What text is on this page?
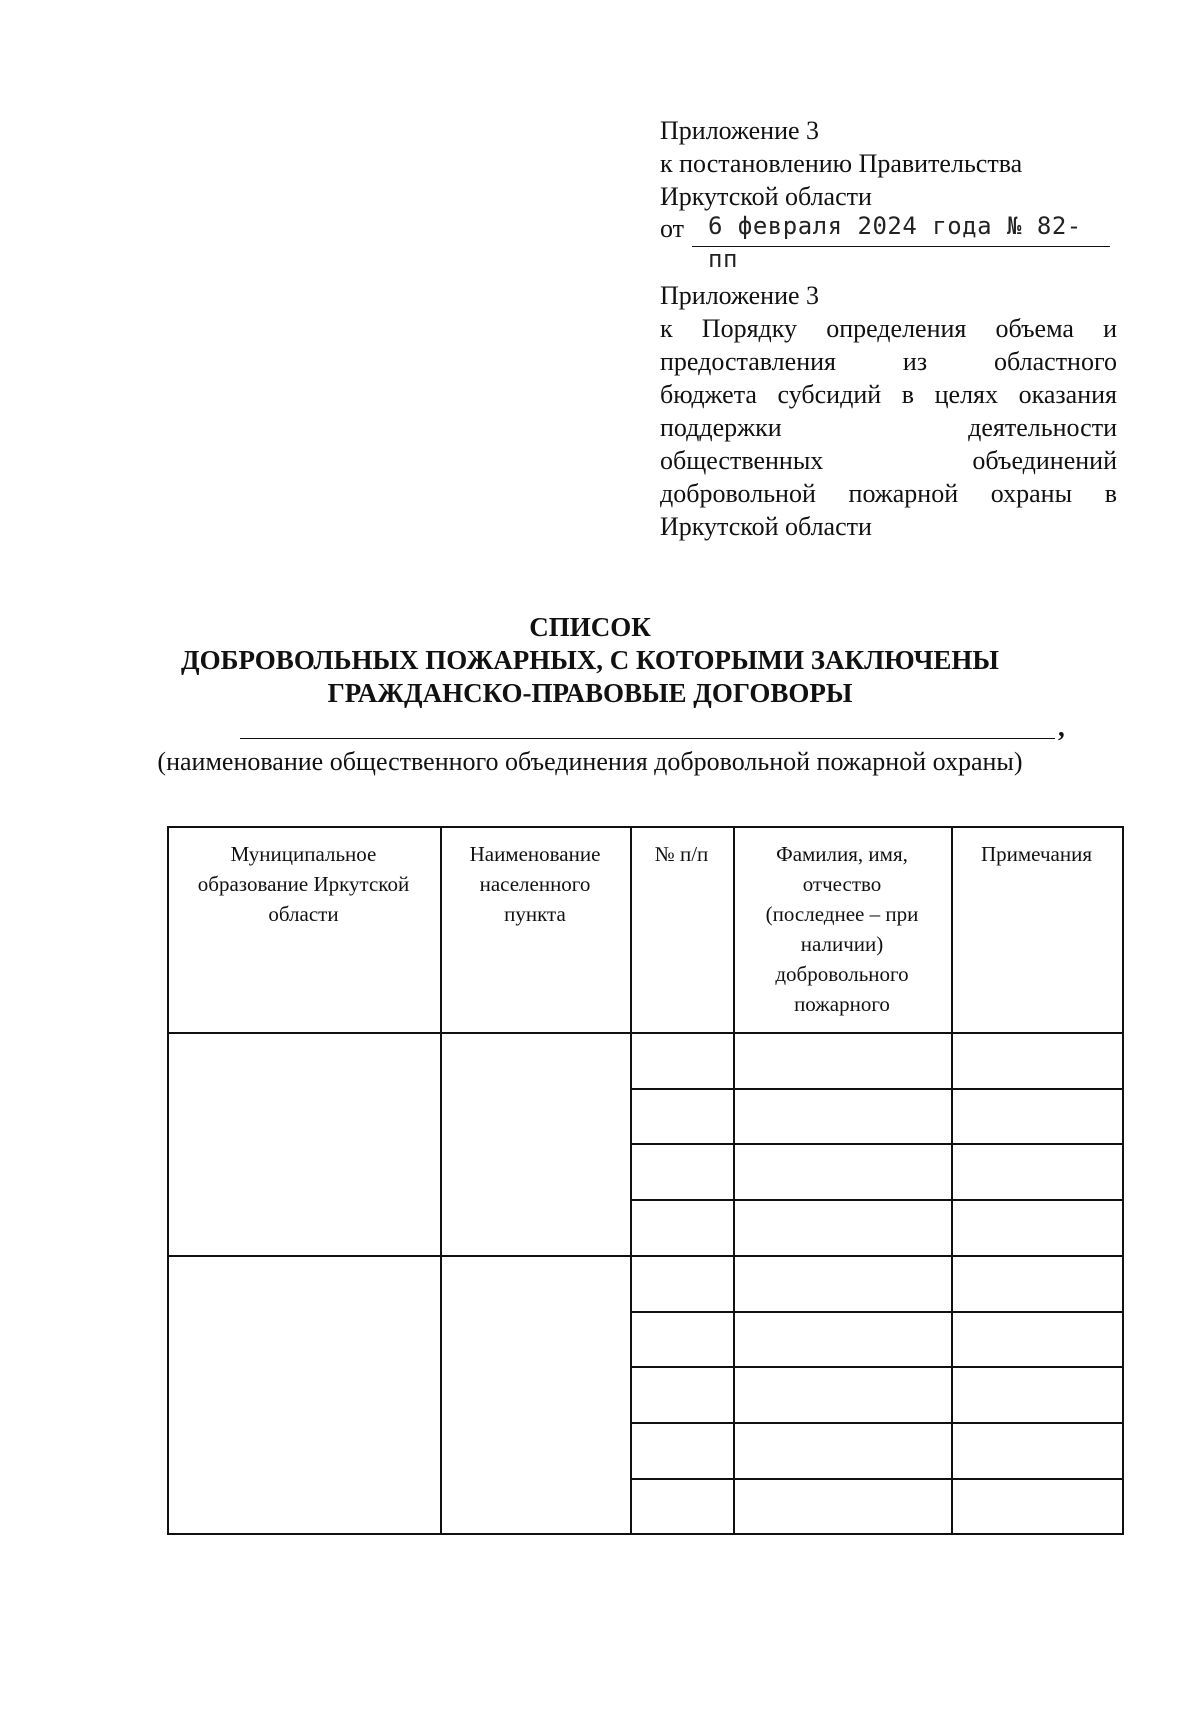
Приложение 3
к постановлению Правительства
Иркутской области
от 6 февраля 2024 года № 82-пп
Приложение 3
к Порядку определения объема и
предоставления из областного
бюджета субсидий в целях оказания
поддержки деятельности
общественных объединений
добровольной пожарной охраны в
Иркутской области
СПИСОК
ДОБРОВОЛЬНЫХ ПОЖАРНЫХ, С КОТОРЫМИ ЗАКЛЮЧЕНЫ
ГРАЖДАНСКО-ПРАВОВЫЕ ДОГОВОРЫ
,
(наименование общественного объединения добровольной пожарной охраны)
Муниципальное
образование Иркутской
области
Наименование
населенного
пункта
№ п/п	Фамилия, имя,
отчество
(последнее – при
наличии)
добровольного
пожарного
Примечания
